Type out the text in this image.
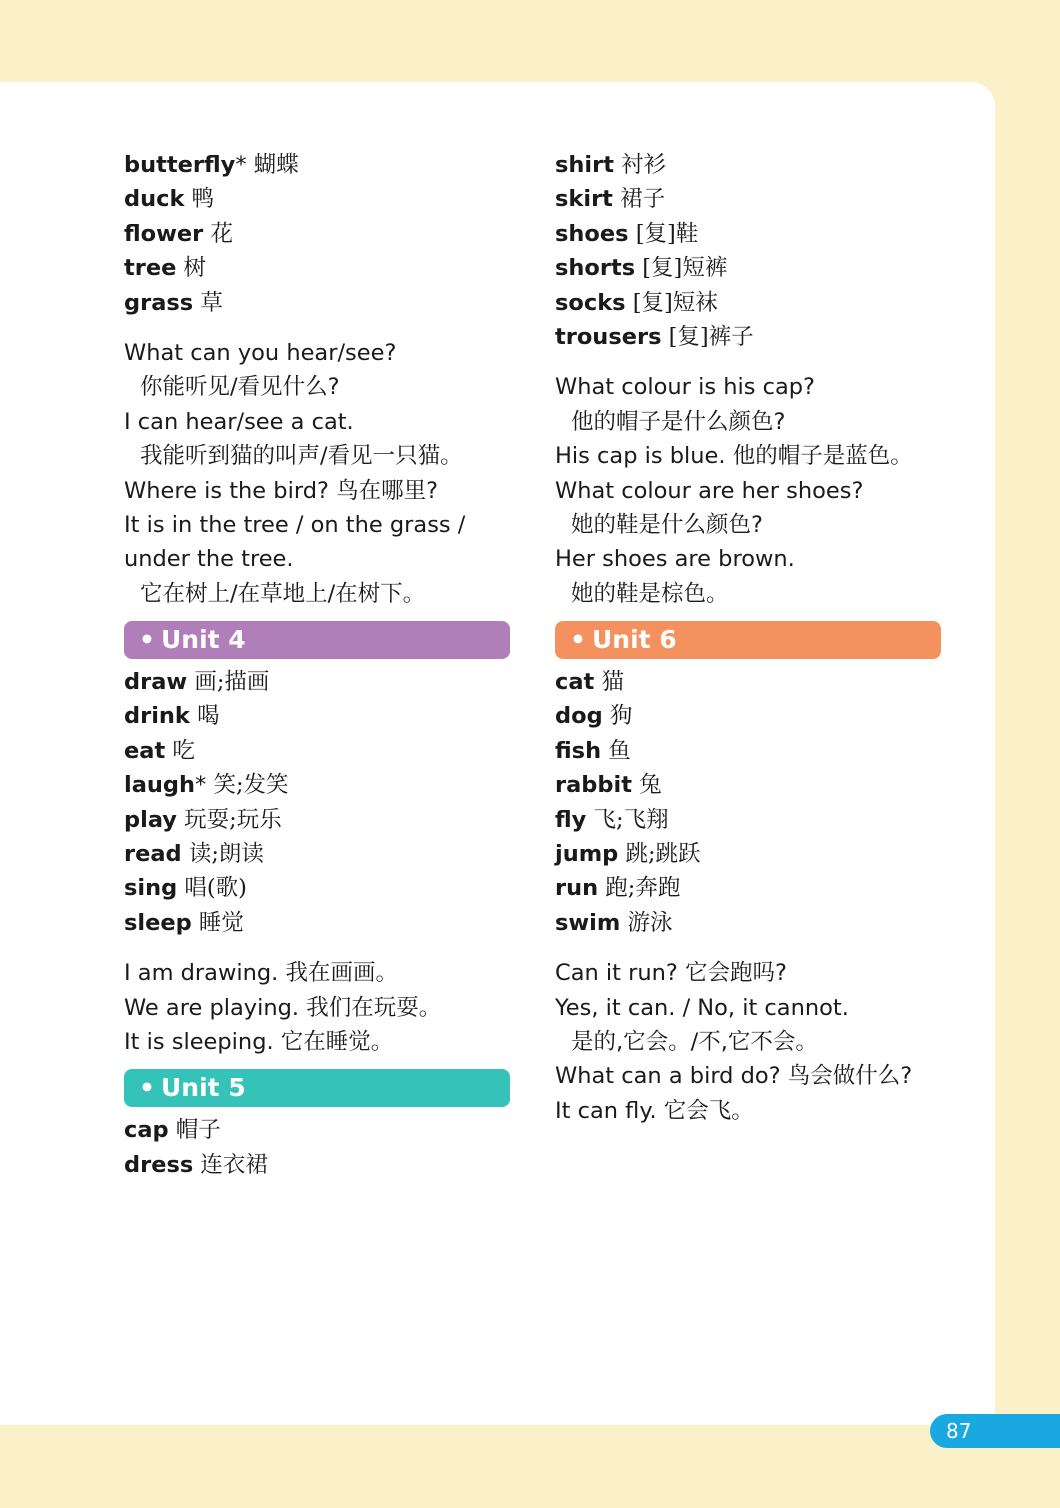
butterfly* 蝴蝶
duck 鸭
flower 花
tree 树
grass 草
What can you hear/see?
你能听见/看见什么?
I can hear/see a cat.
我能听到猫的叫声/看见一只猫。
Where is the bird? 鸟在哪里?
It is in the tree / on the grass /
under the tree.
它在树上/在草地上/在树下。
• Unit 4
draw 画;描画
drink 喝
eat 吃
laugh* 笑;发笑
play 玩耍;玩乐
read 读;朗读
sing 唱(歌)
sleep 睡觉
I am drawing. 我在画画。
We are playing. 我们在玩耍。
It is sleeping. 它在睡觉。
• Unit 5
cap 帽子
dress 连衣裙
shirt 衬衫
skirt 裙子
shoes [复]鞋
shorts [复]短裤
socks [复]短袜
trousers [复]裤子
What colour is his cap?
他的帽子是什么颜色?
His cap is blue. 他的帽子是蓝色。
What colour are her shoes?
她的鞋是什么颜色?
Her shoes are brown.
她的鞋是棕色。
• Unit 6
cat 猫
dog 狗
fish 鱼
rabbit 兔
fly 飞;飞翔
jump 跳;跳跃
run 跑;奔跑
swim 游泳
Can it run? 它会跑吗?
Yes, it can. / No, it cannot.
是的,它会。/不,它不会。
What can a bird do? 鸟会做什么?
It can fly. 它会飞。
87
